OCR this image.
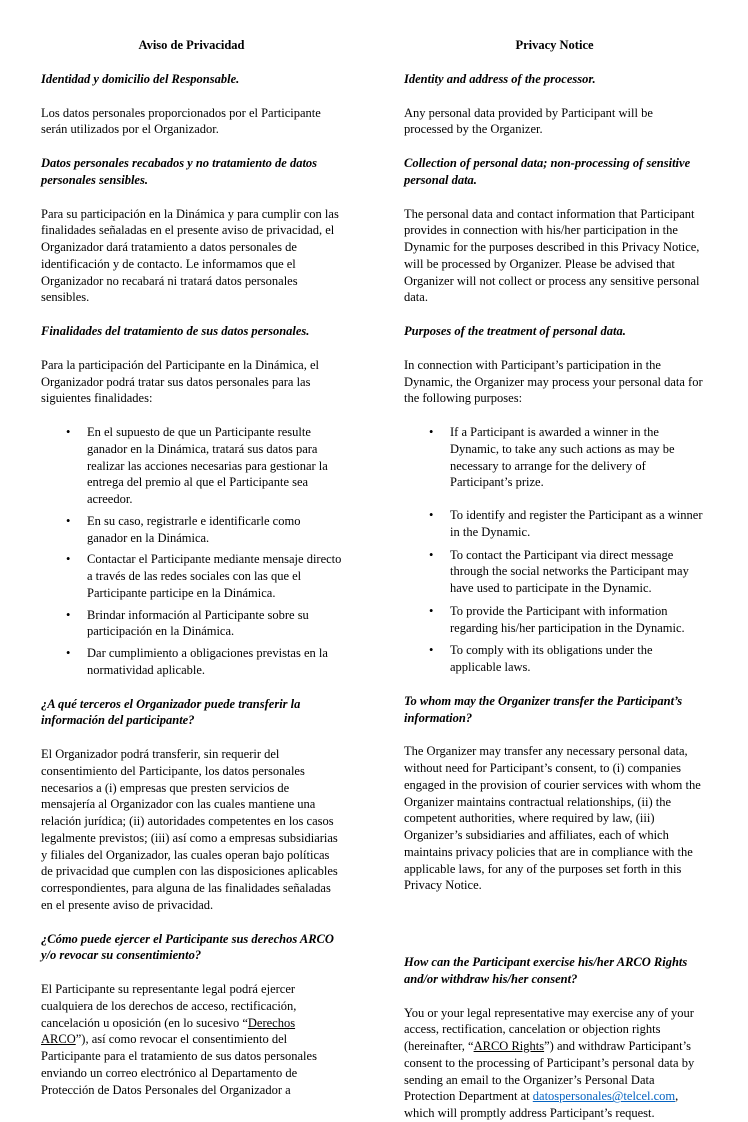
Aviso de Privacidad
Identidad y domicilio del Responsable.

Los datos personales proporcionados por el Participante serán utilizados por el Organizador.

Datos personales recabados y no tratamiento de datos personales sensibles.

Para su participación en la Dinámica y para cumplir con las finalidades señaladas en el presente aviso de privacidad, el Organizador dará tratamiento a datos personales de identificación y de contacto. Le informamos que el Organizador no recabará ni tratará datos personales sensibles.

Finalidades del tratamiento de sus datos personales.

Para la participación del Participante en la Dinámica, el Organizador podrá tratar sus datos personales para las siguientes finalidades:

• En el supuesto de que un Participante resulte ganador en la Dinámica, tratará sus datos para realizar las acciones necesarias para gestionar la entrega del premio al que el Participante sea acreedor.
• En su caso, registrarle e identificarle como ganador en la Dinámica.
• Contactar el Participante mediante mensaje directo a través de las redes sociales con las que el Participante participe en la Dinámica.
• Brindar información al Participante sobre su participación en la Dinámica.
• Dar cumplimiento a obligaciones previstas en la normatividad aplicable.
¿A qué terceros el Organizador puede transferir la información del participante?

El Organizador podrá transferir, sin requerir del consentimiento del Participante, los datos personales necesarios a (i) empresas que presten servicios de mensajería al Organizador con las cuales mantiene una relación jurídica; (ii) autoridades competentes en los casos legalmente previstos; (iii) así como a empresas subsidiarias y filiales del Organizador, las cuales operan bajo políticas de privacidad que cumplen con las disposiciones aplicables correspondientes, para alguna de las finalidades señaladas en el presente aviso de privacidad.

¿Cómo puede ejercer el Participante sus derechos ARCO y/o revocar su consentimiento?

El Participante su representante legal podrá ejercer cualquiera de los derechos de acceso, rectificación, cancelación u oposición (en lo sucesivo “Derechos ARCO”), así como revocar el consentimiento del Participante para el tratamiento de sus datos personales enviando un correo electrónico al Departamento de Protección de Datos Personales del Organizador a

Privacy Notice
Identity and address of the processor.

Any personal data provided by Participant will be processed by the Organizer.

Collection of personal data; non-processing of sensitive personal data.

The personal data and contact information that Participant provides in connection with his/her participation in the Dynamic for the purposes described in this Privacy Notice, will be processed by Organizer. Please be advised that Organizer will not collect or process any sensitive personal data.

Purposes of the treatment of personal data.

In connection with Participant’s participation in the Dynamic, the Organizer may process your personal data for the following purposes:

• If a Participant is awarded a winner in the Dynamic, to take any such actions as may be necessary to arrange for the delivery of Participant’s prize.
• To identify and register the Participant as a winner in the Dynamic.
• To contact the Participant via direct message through the social networks the Participant may have used to participate in the Dynamic.
• To provide the Participant with information regarding his/her participation in the Dynamic.
• To comply with its obligations under the applicable laws.
To whom may the Organizer transfer the Participant’s information?

The Organizer may transfer any necessary personal data, without need for Participant’s consent, to (i) companies engaged in the provision of courier services with whom the Organizer maintains contractual relationships, (ii) the competent authorities, where required by law, (iii) Organizer’s subsidiaries and affiliates, each of which maintains privacy policies that are in compliance with the applicable laws, for any of the purposes set forth in this Privacy Notice.

How can the Participant exercise his/her ARCO Rights and/or withdraw his/her consent?

You or your legal representative may exercise any of your access, rectification, cancelation or objection rights (hereinafter, “ARCO Rights”) and withdraw Participant’s consent to the processing of Participant’s personal data by sending an email to the Organizer’s Personal Data Protection Department at datospersonales@telcel.com, which will promptly address Participant’s request.
